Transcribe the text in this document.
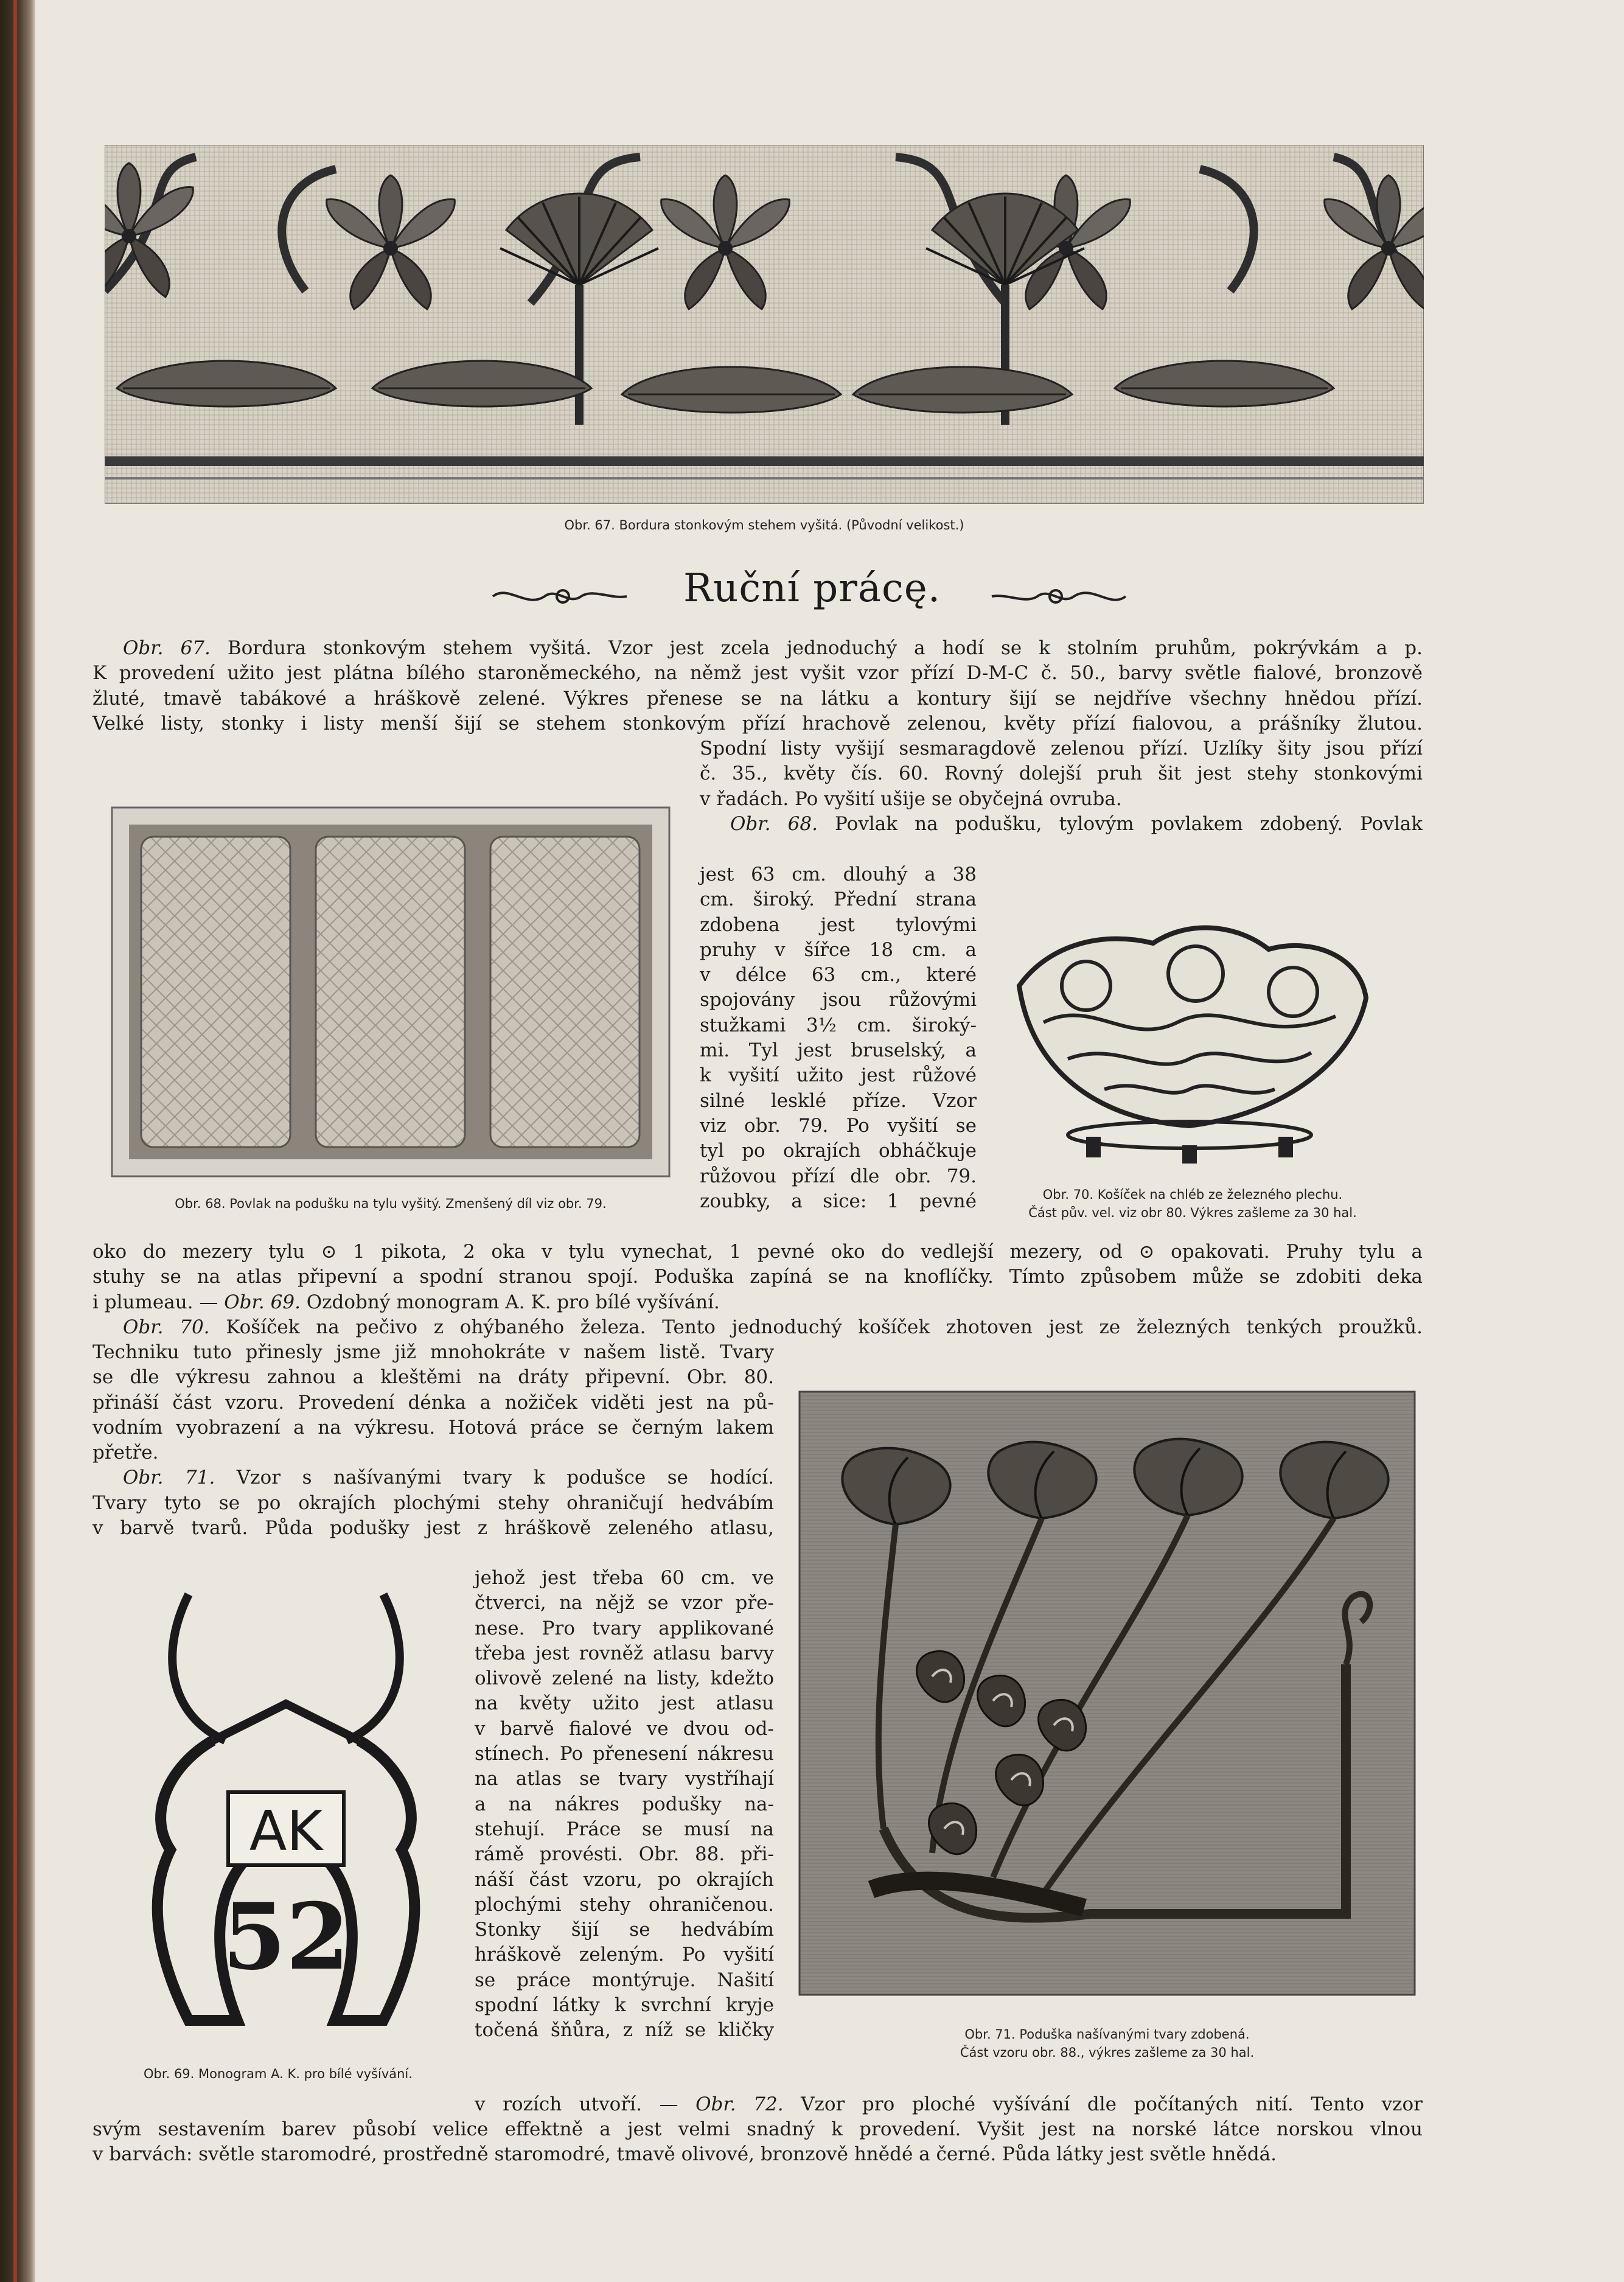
Obr. 67. Bordura stonkovým stehem vyšitá. (Původní velikost.)
Ruční prácę.

Obr. 67. Bordura stonkovým stehem vyšitá. Vzor jest zcela jednoduchý a hodí se k stolním pruhům, pokrývkám a p.

K provedení užito jest plátna bílého staroněmeckého, na němž jest vyšit vzor přízí D-M-C č. 50., barvy světle fialové, bronzově

žluté, tmavě tabákové a hráškově zelené. Výkres přenese se na látku a kontury šijí se nejdříve všechny hnědou přízí.

Velké listy, stonky i listy menší šijí se stehem stonkovým přízí hrachově zelenou, květy přízí fialovou, a prášníky žlutou.

Spodní listy vyšijí sesmaragdově zelenou přízí. Uzlíky šity jsou přízí

č. 35., květy čís. 60. Rovný dolejší pruh šit jest stehy stonkovými

v řadách. Po vyšití ušije se obyčejná ovruba.

Obr. 68. Povlak na podušku, tylovým povlakem zdobený. Povlak

Obr. 68. Povlak na podušku na tylu vyšitý. Zmenšený díl viz obr. 79.

jest 63 cm. dlouhý a 38

cm. široký. Přední strana

zdobena jest tylovými

pruhy v šířce 18 cm. a

v délce 63 cm., které

spojovány jsou růžovými

stužkami 3½ cm. široký-

mi. Tyl jest bruselský, a

k vyšití užito jest růžové

silné lesklé příze. Vzor

viz obr. 79. Po vyšití se

tyl po okrajích obháčkuje

růžovou přízí dle obr. 79.

zoubky, a sice: 1 pevné	Obr. 70. Košíček na chléb ze železného plechu.
Část pův. vel. viz obr 80. Výkres zašleme za 30 hal.

oko do mezery tylu ⊙ 1 pikota, 2 oka v tylu vynechat, 1 pevné oko do vedlejší mezery, od ⊙ opakovati. Pruhy tylu a

stuhy se na atlas připevní a spodní stranou spojí. Poduška zapíná se na knoflíčky. Tímto způsobem může se zdobiti deka

i plumeau. — Obr. 69. Ozdobný monogram A. K. pro bílé vyšívání.

Obr. 70. Košíček na pečivo z ohýbaného železa. Tento jednoduchý košíček zhotoven jest ze železných tenkých proužků.

Techniku tuto přinesly jsme již mnohokráte v našem listě. Tvary

se dle výkresu zahnou a kleštěmi na dráty připevní. Obr. 80.

přináší část vzoru. Provedení dénka a nožiček viděti jest na pů-

vodním vyobrazení a na výkresu. Hotová práce se černým lakem

přetře.

Obr. 71. Vzor s našívanými tvary k podušce se hodící.

Tvary tyto se po okrajích plochými stehy ohraničují hedvábím

v barvě tvarů. Půda podušky jest z hráškově zeleného atlasu,

Obr. 71. Poduška našívanými tvary zdobená.
Část vzoru obr. 88., výkres zašleme za 30 hal.
AK
52
Obr. 69. Monogram A. K. pro bílé vyšívání.

jehož jest třeba 60 cm. ve

čtverci, na nějž se vzor pře-

nese. Pro tvary applikované

třeba jest rovněž atlasu barvy

olivově zelené na listy, kdežto

na květy užito jest atlasu

v barvě fialové ve dvou od-

stínech. Po přenesení nákresu

na atlas se tvary vystříhají

a na nákres podušky na-

stehují. Práce se musí na

rámě provésti. Obr. 88. při-

náší část vzoru, po okrajích

plochými stehy ohraničenou.

Stonky šijí se hedvábím

hráškově zeleným. Po vyšití

se práce montýruje. Našití

spodní látky k svrchní kryje

točená šňůra, z níž se kličky

v rozích utvoří. — Obr. 72. Vzor pro ploché vyšívání dle počítaných nití. Tento vzor

svým sestavením barev působí velice effektně a jest velmi snadný k provedení. Vyšit jest na norské látce norskou vlnou

v barvách: světle staromodré, prostředně staromodré, tmavě olivové, bronzově hnědé a černé. Půda látky jest světle hnědá.
